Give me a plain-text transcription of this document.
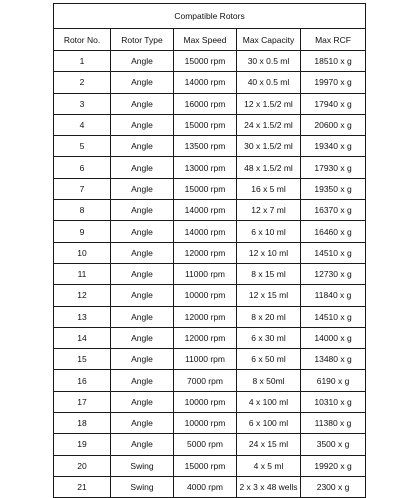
Compatible Rotors				
Rotor No.	Rotor Type	Max Speed	Max Capacity	Max RCF
1	Angle	15000 rpm	30 x 0.5 ml	18510 x g
2	Angle	14000 rpm	40 x 0.5 ml	19970 x g
3	Angle	16000 rpm	12 x 1.5/2 ml	17940 x g
4	Angle	15000 rpm	24 x 1.5/2 ml	20600 x g
5	Angle	13500 rpm	30 x 1.5/2 ml	19340 x g
6	Angle	13000 rpm	48 x 1.5/2 ml	17930 x g
7	Angle	15000 rpm	16 x 5 ml	19350 x g
8	Angle	14000 rpm	12 x 7 ml	16370 x g
9	Angle	14000 rpm	6 x 10 ml	16460 x g
10	Angle	12000 rpm	12 x 10 ml	14510 x g
11	Angle	11000 rpm	8 x 15 ml	12730 x g
12	Angle	10000 rpm	12 x 15 ml	11840 x g
13	Angle	12000 rpm	8 x 20 ml	14510 x g
14	Angle	12000 rpm	6 x 30 ml	14000 x g
15	Angle	11000 rpm	6 x 50 ml	13480 x g
16	Angle	7000 rpm	8 x 50ml	6190 x g
17	Angle	10000 rpm	4 x 100 ml	10310 x g
18	Angle	10000 rpm	6 x 100 ml	11380 x g
19	Angle	5000 rpm	24 x 15 ml	3500 x g
20	Swing	15000 rpm	4 x 5 ml	19920 x g
21	Swing	4000 rpm	2 x 3 x 48 wells	2300 x g
